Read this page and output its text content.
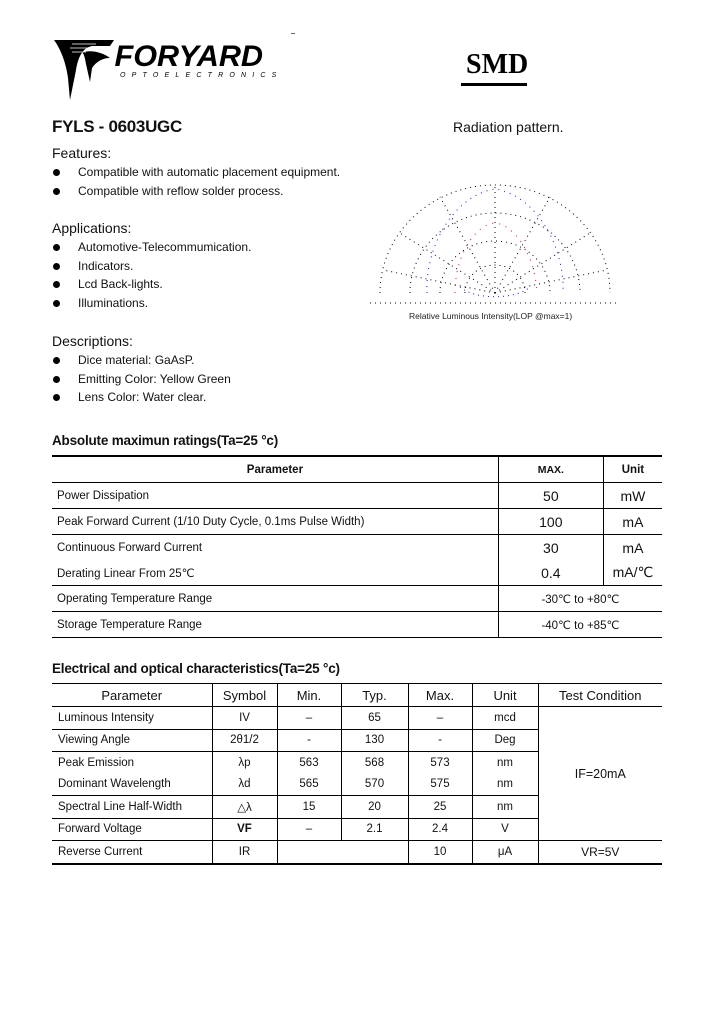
FORYARD
OPTOELECTRONICS	SMD
FYLS - 0603UGC	Radiation pattern.
Features:
Compatible with automatic placement equipment.
Compatible with reflow solder process.
Applications:
Automotive-Telecommumication.
Indicators.
Lcd Back-lights.
Illuminations.
Descriptions:
Dice material: GaAsP.
Emitting Color: Yellow Green
Lens Color: Water clear.
Relative Luminous Intensity(LOP @max=1)
Absolute maximun ratings(Ta=25 °c)
Parameter	MAX.	Unit
Power Dissipation	50	mW

Peak Forward Current (1/10 Duty Cycle, 0.1ms Pulse Width)	100	mA
Continuous Forward Current	30	mA
Derating Linear From 25℃	0.4	mA/℃
Operating Temperature Range	-30℃ to +80℃	
Storage Temperature Range	-40℃ to +85℃	
Electrical and optical characteristics(Ta=25 °c)
Parameter	Symbol	Min.	Typ.	Max.	Unit	Test Condition
Luminous Intensity	IV	–	65	–	mcd	IF=20mA
Viewing Angle	2θ1/2	-	130	-	Deg	
Peak Emission	λp	563	568	573	nm	
Dominant Wavelength	λd	565	570	575	nm	
Spectral Line Half-Width	△λ	15	20	25	nm	
Forward Voltage	VF	–	2.1	2.4	V	
Reverse Current	IR			10	μA	VR=5V
